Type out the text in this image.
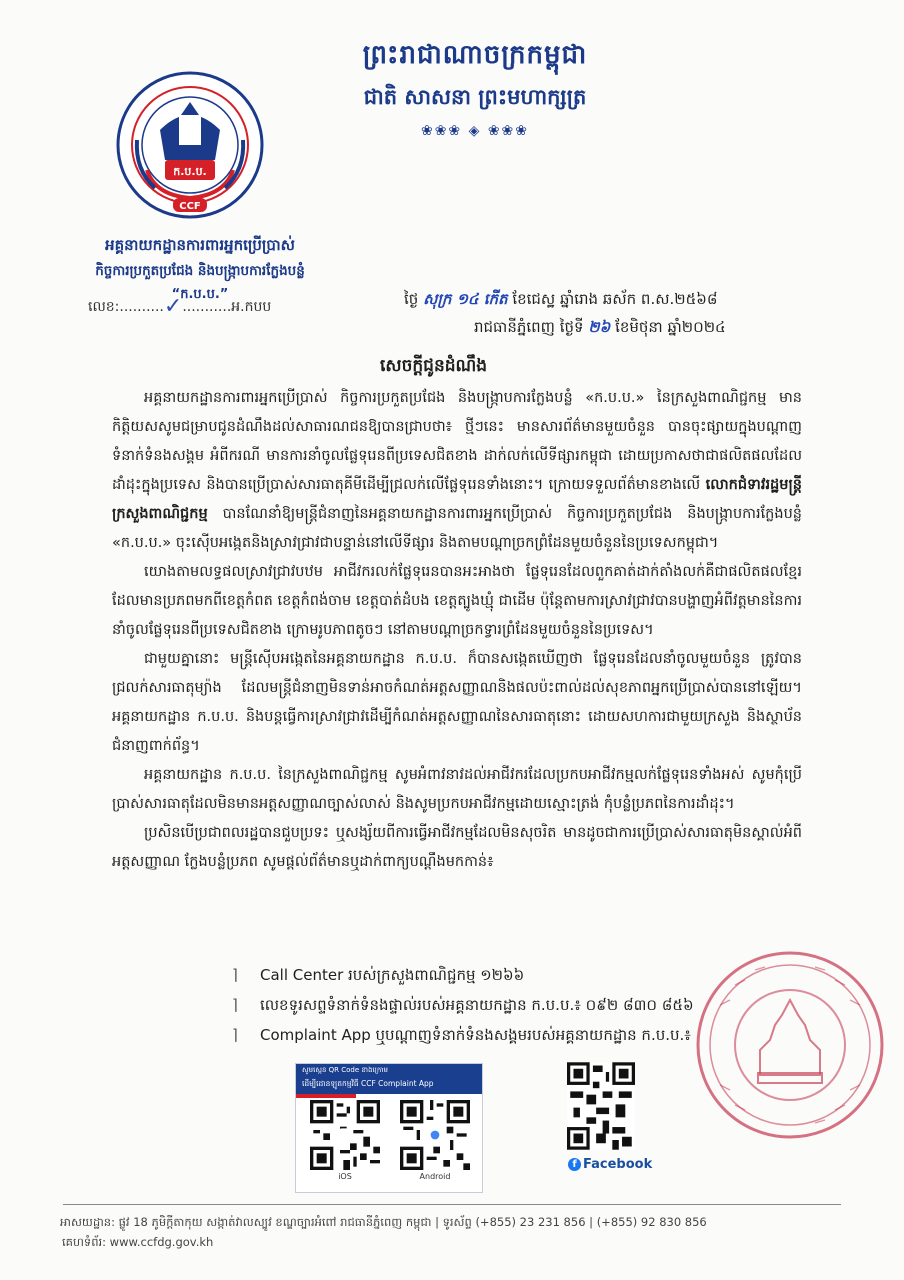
ព្រះរាជាណាចក្រកម្ពុជា
ជាតិ សាសនា ព្រះមហាក្សត្រ
❀❀❀ ◈ ❀❀❀
ក.ប.ប.
CCF
អគ្គនាយកដ្ឋានការពារអ្នកប្រើប្រាស់
កិច្ចការប្រកួតប្រជែង និងបង្ក្រាបការក្លែងបន្លំ
“ក.ប.ប.”
លេខ:..........✓...........អ.កបប	ថ្ងៃ សុក្រ ១៤ កើត ខែជេស្ឋ ឆ្នាំរោង ឆស័ក ព.ស.២៥៦៨
រាជធានីភ្នំពេញ ថ្ងៃទី ២៦ ខែមិថុនា ឆ្នាំ២០២៤
សេចក្តីជូនដំណឹង

អគ្គនាយកដ្ឋានការពារអ្នកប្រើប្រាស់ កិច្ចការប្រកួតប្រជែង និងបង្ក្រាបការក្លែងបន្លំ «ក.ប.ប.» នៃក្រសួងពាណិជ្ជកម្ម មានកិត្តិយសសូមជម្រាបជូនដំណឹងដល់សាធារណជនឱ្យបានជ្រាបថា៖ ថ្មីៗនេះ មានសារព័ត៌មានមួយចំនួន បានចុះផ្សាយក្នុងបណ្តាញទំនាក់ទំនងសង្គម អំពីករណី មានការនាំចូលផ្លែទុរេនពីប្រទេសជិតខាង ដាក់លក់លើទីផ្សារកម្ពុជា ដោយប្រកាសថាជាផលិតផលដែលដាំដុះក្នុងប្រទេស និងបានប្រើប្រាស់សារធាតុគីមីដើម្បីជ្រលក់លើផ្លែទុរេនទាំងនោះ។ ក្រោយទទួលព័ត៌មានខាងលើ លោកជំទាវរដ្ឋមន្ត្រីក្រសួងពាណិជ្ជកម្ម បានណែនាំឱ្យមន្ត្រីជំនាញនៃអគ្គនាយកដ្ឋានការពារអ្នកប្រើប្រាស់ កិច្ចការប្រកួតប្រជែង និងបង្ក្រាបការក្លែងបន្លំ «ក.ប.ប.» ចុះស៊ើបអង្កេតនិងស្រាវជ្រាវជាបន្ទាន់នៅលើទីផ្សារ និងតាមបណ្តាច្រកព្រំដែនមួយចំនួននៃប្រទេសកម្ពុជា។

យោងតាមលទ្ធផលស្រាវជ្រាវបឋម អាជីវករលក់ផ្លែទុរេនបានអះអាងថា ផ្លែទុរេនដែលពួកគាត់ដាក់តាំងលក់គឺជាផលិតផលខ្មែរ ដែលមានប្រភពមកពីខេត្តកំពត ខេត្តកំពង់ចាម ខេត្តបាត់ដំបង ខេត្តត្បូងឃ្មុំ ជាដើម ប៉ុន្តែតាមការស្រាវជ្រាវបានបង្ហាញអំពីវត្តមាននៃការនាំចូលផ្លែទុរេនពីប្រទេសជិតខាង ក្រោមរូបភាពតូចៗ នៅតាមបណ្តាច្រកទ្វារព្រំដែនមួយចំនួននៃប្រទេស។

ជាមួយគ្នានោះ មន្ត្រីស៊ើបអង្កេតនៃអគ្គនាយកដ្ឋាន ក.ប.ប. ក៏បានសង្កេតឃើញថា ផ្លែទុរេនដែលនាំចូលមួយចំនួន ត្រូវបានជ្រលក់សារធាតុម្យ៉ាង ដែលមន្ត្រីជំនាញមិនទាន់អាចកំណត់អត្តសញ្ញាណនិងផលប៉ះពាល់ដល់សុខភាពអ្នកប្រើប្រាស់បាននៅឡើយ។ អគ្គនាយកដ្ឋាន ក.ប.ប. និងបន្តធ្វើការស្រាវជ្រាវដើម្បីកំណត់អត្តសញ្ញាណនៃសារធាតុនោះ ដោយសហការជាមួយក្រសួង និងស្ថាប័នជំនាញពាក់ព័ន្ធ។

អគ្គនាយកដ្ឋាន ក.ប.ប. នៃក្រសួងពាណិជ្ជកម្ម សូមអំពាវនាវដល់អាជីវករដែលប្រកបអាជីវកម្មលក់ផ្លែទុរេនទាំងអស់ សូមកុំប្រើប្រាស់សារធាតុដែលមិនមានអត្តសញ្ញាណច្បាស់លាស់ និងសូមប្រកបអាជីវកម្មដោយស្មោះត្រង់ កុំបន្លំប្រភពនៃការដាំដុះ។

ប្រសិនបើប្រជាពលរដ្ឋបានជួបប្រទះ ឬសង្ស័យពីការធ្វើអាជីវកម្មដែលមិនសុចរិត មានដូចជាការប្រើប្រាស់សារធាតុមិនស្គាល់អំពីអត្តសញ្ញាណ ក្លែងបន្លំប្រភព សូមផ្តល់ព័ត៌មានឬដាក់ពាក្យបណ្តឹងមកកាន់៖

⌉ Call Center របស់ក្រសួងពាណិជ្ជកម្ម ១២៦៦
⌉ លេខទូរសព្ទទំនាក់ទំនងផ្ទាល់របស់អគ្គនាយកដ្ឋាន ក.ប.ប.៖ ០៩២ ៨៣០ ៨៥៦
⌉ Complaint App ឬបណ្តាញទំនាក់ទំនងសង្គមរបស់អគ្គនាយកដ្ឋាន ក.ប.ប.៖
សូមស្កេន QR Code ខាងក្រោម
ដើម្បីដោនឡូតកម្មវិធី CCF Complaint App
iOS	Android
f Facebook
អាសយដ្ឋាន: ផ្លូវ 18 ភូមិក្តីតាកុយ សង្កាត់វាលស្បូវ ខណ្ឌច្បារអំពៅ រាជធានីភ្នំពេញ កម្ពុជា | ទូរស័ព្ទ (+855) 23 231 856 | (+855) 92 830 856
គេហទំព័រ: www.ccfdg.gov.kh
